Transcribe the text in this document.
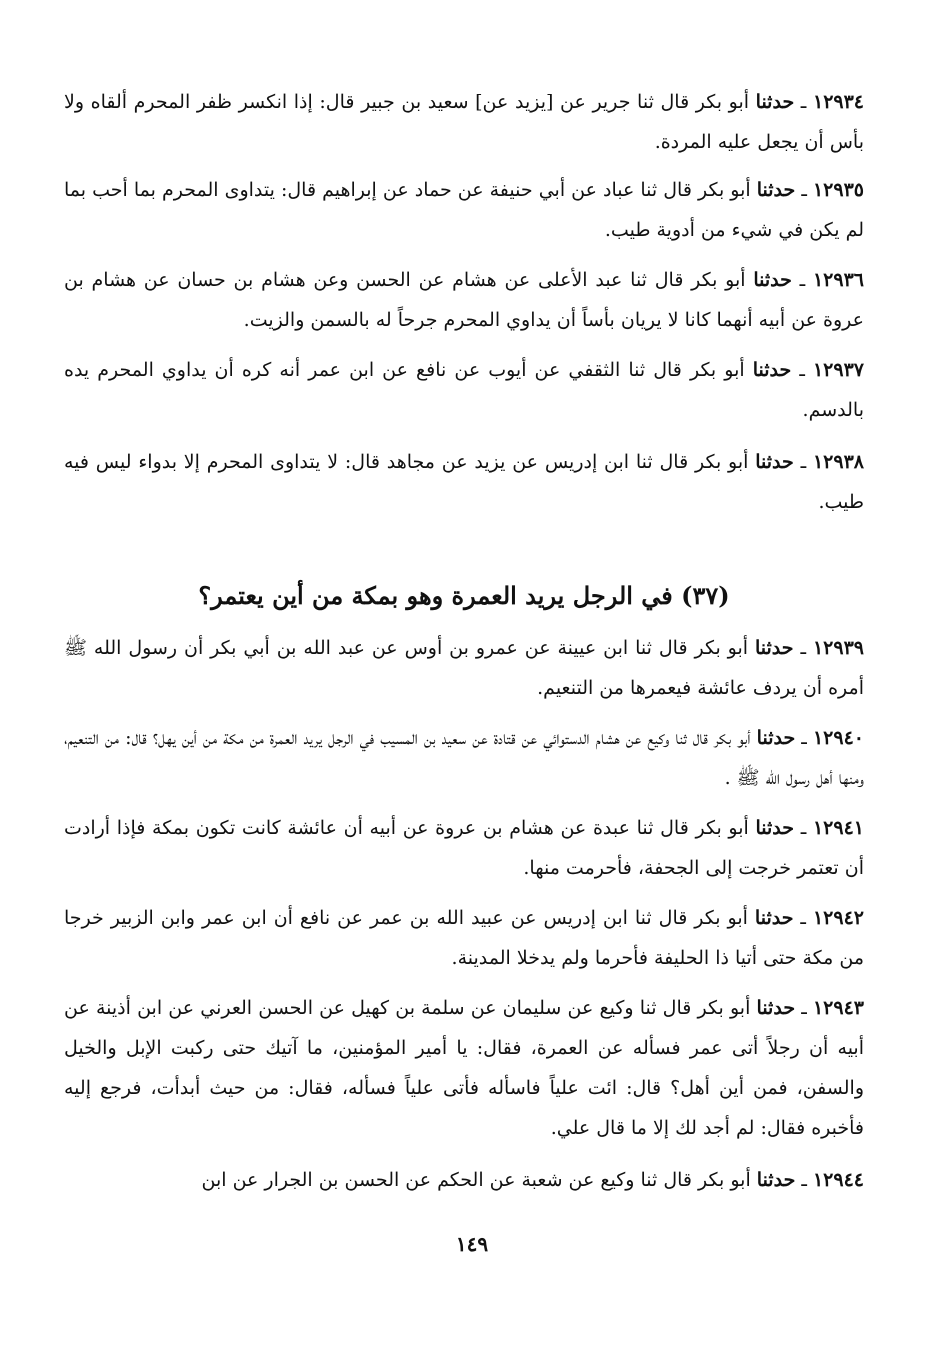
١٢٩٣٤ ـ حدثنا أبو بكر قال ثنا جرير عن [يزيد عن] سعيد بن جبير قال: إذا انكسر ظفر المحرم ألقاه ولا بأس أن يجعل عليه المردة.
١٢٩٣٥ ـ حدثنا أبو بكر قال ثنا عباد عن أبي حنيفة عن حماد عن إبراهيم قال: يتداوى المحرم بما أحب بما لم يكن في شيء من أدوية طيب.
١٢٩٣٦ ـ حدثنا أبو بكر قال ثنا عبد الأعلى عن هشام عن الحسن وعن هشام بن حسان عن هشام بن عروة عن أبيه أنهما كانا لا يريان بأساً أن يداوي المحرم جرحاً له بالسمن والزيت.
١٢٩٣٧ ـ حدثنا أبو بكر قال ثنا الثقفي عن أيوب عن نافع عن ابن عمر أنه كره أن يداوي المحرم يده بالدسم.
١٢٩٣٨ ـ حدثنا أبو بكر قال ثنا ابن إدريس عن يزيد عن مجاهد قال: لا يتداوى المحرم إلا بدواء ليس فيه طيب.
(٣٧) في الرجل يريد العمرة وهو بمكة من أين يعتمر؟
١٢٩٣٩ ـ حدثنا أبو بكر قال ثنا ابن عيينة عن عمرو بن أوس عن عبد الله بن أبي بكر أن رسول الله ﷺ أمره أن يردف عائشة فيعمرها من التنعيم.
١٢٩٤٠ ـ حدثنا أبو بكر قال ثنا وكيع عن هشام الدستوائي عن قتادة عن سعيد بن المسيب في الرجل يريد العمرة من مكة من أين يهل؟ قال: من التنعيم، ومنها أهل رسول الله ﷺ .
١٢٩٤١ ـ حدثنا أبو بكر قال ثنا عبدة عن هشام بن عروة عن أبيه أن عائشة كانت تكون بمكة فإذا أرادت أن تعتمر خرجت إلى الجحفة، فأحرمت منها.
١٢٩٤٢ ـ حدثنا أبو بكر قال ثنا ابن إدريس عن عبيد الله بن عمر عن نافع أن ابن عمر وابن الزبير خرجا من مكة حتى أتيا ذا الحليفة فأحرما ولم يدخلا المدينة.
١٢٩٤٣ ـ حدثنا أبو بكر قال ثنا وكيع عن سليمان عن سلمة بن كهيل عن الحسن العرني عن ابن أذينة عن أبيه أن رجلاً أتى عمر فسأله عن العمرة، فقال: يا أمير المؤمنين، ما آتيك حتى ركبت الإبل والخيل والسفن، فمن أين أهل؟ قال: ائت علياً فاسأله فأتى علياً فسأله، فقال: من حيث أبدأت، فرجع إليه فأخبره فقال: لم أجد لك إلا ما قال علي.
١٢٩٤٤ ـ حدثنا أبو بكر قال ثنا وكيع عن شعبة عن الحكم عن الحسن بن الجرار عن ابن
١٤٩
